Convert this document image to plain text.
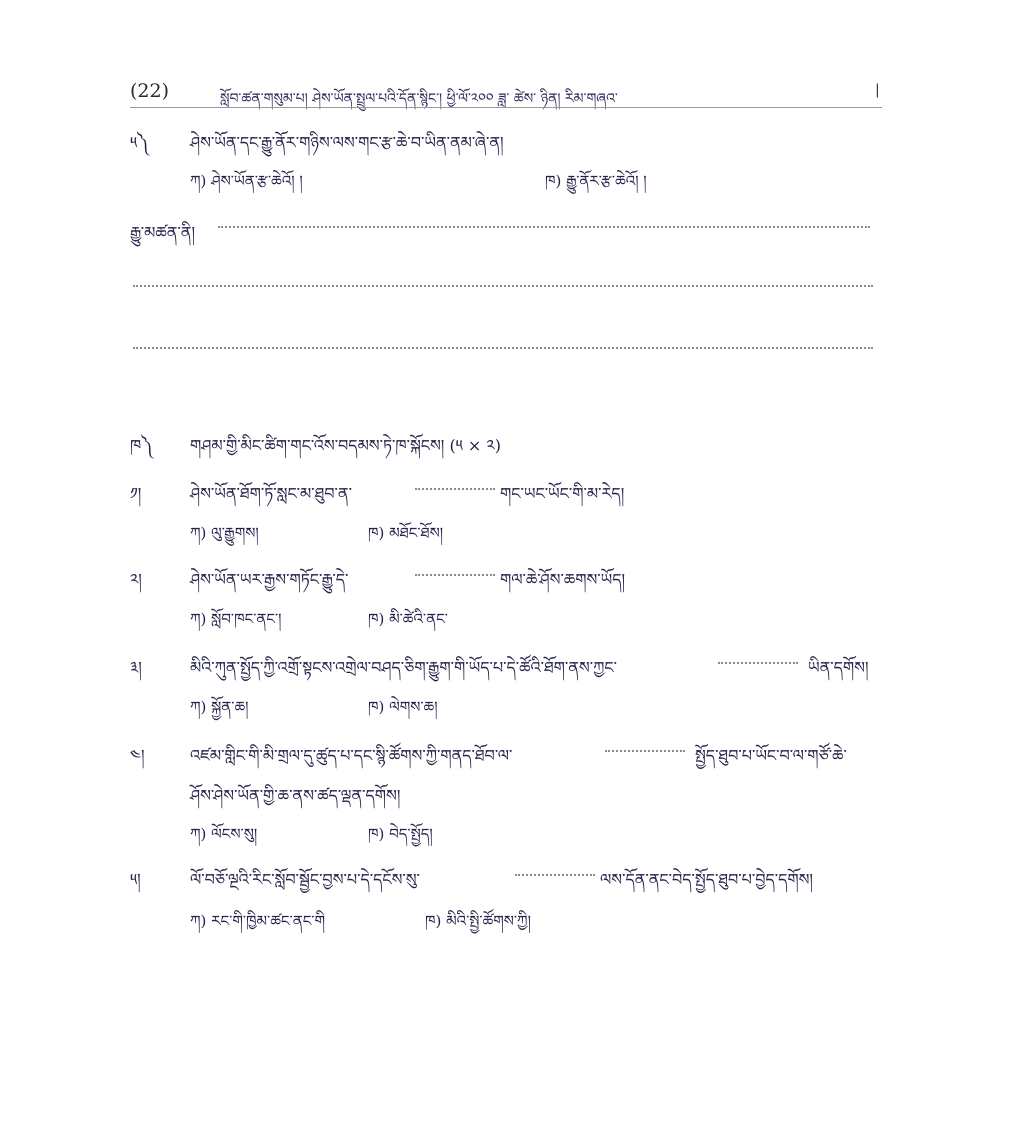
(22)	སློབ་ཚན་གསུམ་པ། ཤེས་ཡོན་སྤྲུལ་པའི་དོན་སྙིང་། ཕྱི་ལོ་༢༠༠ ཟླ་ ཚེས་ ཉིན། རིམ་གཞའ་
|
༥༽	ཤེས་ཡོན་དང་རྒྱུ་ནོར་གཉིས་ལས་གང་རྩ་ཆེ་བ་ཡིན་ནམ་ཞེ་ན།
ཀ) ཤེས་ཡོན་རྩ་ཆེའོ། །	ཁ) རྒྱུ་ནོར་རྩ་ཆེའོ། །
རྒྱུ་མཚན་ནི།
ཁ༽ གཤམ་གྱི་མིང་ཚིག་གང་འོས་བདམས་ཏེ་ཁ་སྐོངས། (༥ × ༢)
༡།	ཤེས་ཡོན་ཐོག་ཏོ་སླང་མ་ཐུབ་ན་	གང་ཡང་ཡོང་གི་མ་རེད།
ཀ) ལུ་རྒྱུགས།	ཁ) མཐོང་ཐོས།
༢།	ཤེས་ཡོན་ཡར་རྒྱས་གཏོང་རྒྱུ་དེ་	གལ་ཆེ་ཤོས་ཆགས་ཡོད།
ཀ) སློབ་ཁང་ནང་།	ཁ) མི་ཚེའི་ནང་
༣།	མིའི་ཀུན་སྤྱོད་ཀྱི་འགྲོ་སྟངས་འགྲེལ་བཤད་ཅིག་རྒྱུག་གི་ཡོད་པ་དེ་ཚོའི་ཐོག་ནས་ཀྱང་	ཡིན་དགོས།
ཀ) སྐྱོན་ཆ།	ཁ) ལེགས་ཆ།
༤།	འཛམ་གླིང་གི་མི་གྲལ་དུ་ཚུད་པ་དང་སྙི་ཚོགས་ཀྱི་གནད་ཐོབ་ལ་	སྤྱོད་ཐུབ་པ་ཡོང་བ་ལ་གཙོ་ཆེ་
ཤོས་ཤེས་ཡོན་གྱི་ཆ་ནས་ཚད་ལྡན་དགོས།
ཀ) ལོངས་སུ།	ཁ) བེད་སྤྱོད།
༥།	ལོ་བཅོ་ལྔའི་རིང་སློབ་སྦྱོང་བྱས་པ་དེ་དངོས་སུ་	ལས་དོན་ནང་བེད་སྤྱོད་ཐུབ་པ་བྱེད་དགོས།
ཀ) རང་གི་ཁྱིམ་ཚང་ནང་གི	ཁ) མིའི་སྤྱི་ཚོགས་ཀྱི།
